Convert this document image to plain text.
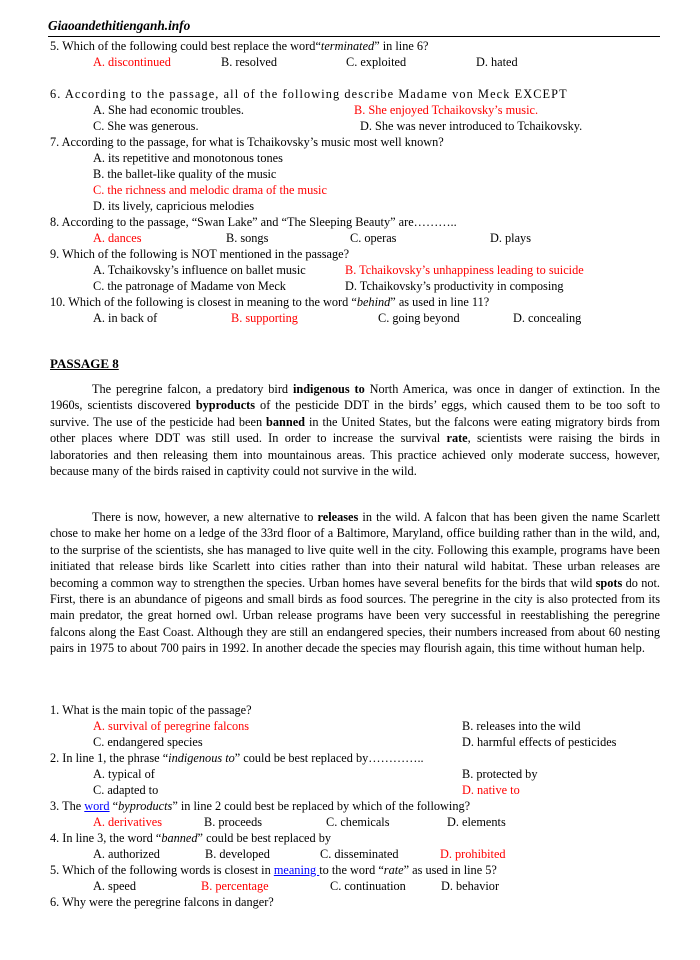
Giaoandethitienganh.info
5. Which of the following could best replace the word“terminated” in line 6?
A. discontinued	B. resolved	C. exploited	D. hated
6. According to the passage, all of the following describe Madame von Meck EXCEPT
A. She had economic troubles.	B. She enjoyed Tchaikovsky’s music.
C. She was generous.	D. She was never introduced to Tchaikovsky.
7. According to the passage, for what is Tchaikovsky’s music most well known?
A. its repetitive and monotonous tones
B. the ballet-like quality of the music
C. the richness and melodic drama of the music
D. its lively, capricious melodies
8. According to the passage, “Swan Lake” and “The Sleeping Beauty” are………..
A. dances	B. songs	C. operas	D. plays
9. Which of the following is NOT mentioned in the passage?
A. Tchaikovsky’s influence on ballet music	B. Tchaikovsky’s unhappiness leading to suicide
C. the patronage of Madame von Meck	D. Tchaikovsky’s productivity in composing
10. Which of the following is closest in meaning to the word “behind” as used in line 11?
A. in back of	B. supporting	C. going beyond	D. concealing
PASSAGE 8
The peregrine falcon, a predatory bird indigenous to North America, was once in danger of extinction. In the 1960s, scientists discovered byproducts of the pesticide DDT in the birds’ eggs, which caused them to be too soft to survive. The use of the pesticide had been banned in the United States, but the falcons were eating migratory birds from other places where DDT was still used. In order to increase the survival rate, scientists were raising the birds in laboratories and then releasing them into mountainous areas. This practice achieved only moderate success, however, because many of the birds raised in captivity could not survive in the wild.
There is now, however, a new alternative to releases in the wild. A falcon that has been given the name Scarlett chose to make her home on a ledge of the 33rd floor of a Baltimore, Maryland, office building rather than in the wild, and, to the surprise of the scientists, she has managed to live quite well in the city. Following this example, programs have been initiated that release birds like Scarlett into cities rather than into their natural wild habitat. These urban releases are becoming a common way to strengthen the species. Urban homes have several benefits for the birds that wild spots do not. First, there is an abundance of pigeons and small birds as food sources. The peregrine in the city is also protected from its main predator, the great horned owl. Urban release programs have been very successful in reestablishing the peregrine falcons along the East Coast. Although they are still an endangered species, their numbers increased from about 60 nesting pairs in 1975 to about 700 pairs in 1992. In another decade the species may flourish again, this time without human help.
1. What is the main topic of the passage?
A. survival of peregrine falcons	B. releases into the wild
C. endangered species	D. harmful effects of pesticides
2. In line 1, the phrase “indigenous to” could be best replaced by…………..
A. typical of	B. protected by
C. adapted to	D. native to
3. The word “byproducts” in line 2 could best be replaced by which of the following?
A. derivatives	B. proceeds	C. chemicals	D. elements
4. In line 3, the word “banned” could be best replaced by
A. authorized	B. developed	C. disseminated	D. prohibited
5. Which of the following words is closest in meaning to the word “rate” as used in line 5?
A. speed	B. percentage	C. continuation	D. behavior
6. Why were the peregrine falcons in danger?
